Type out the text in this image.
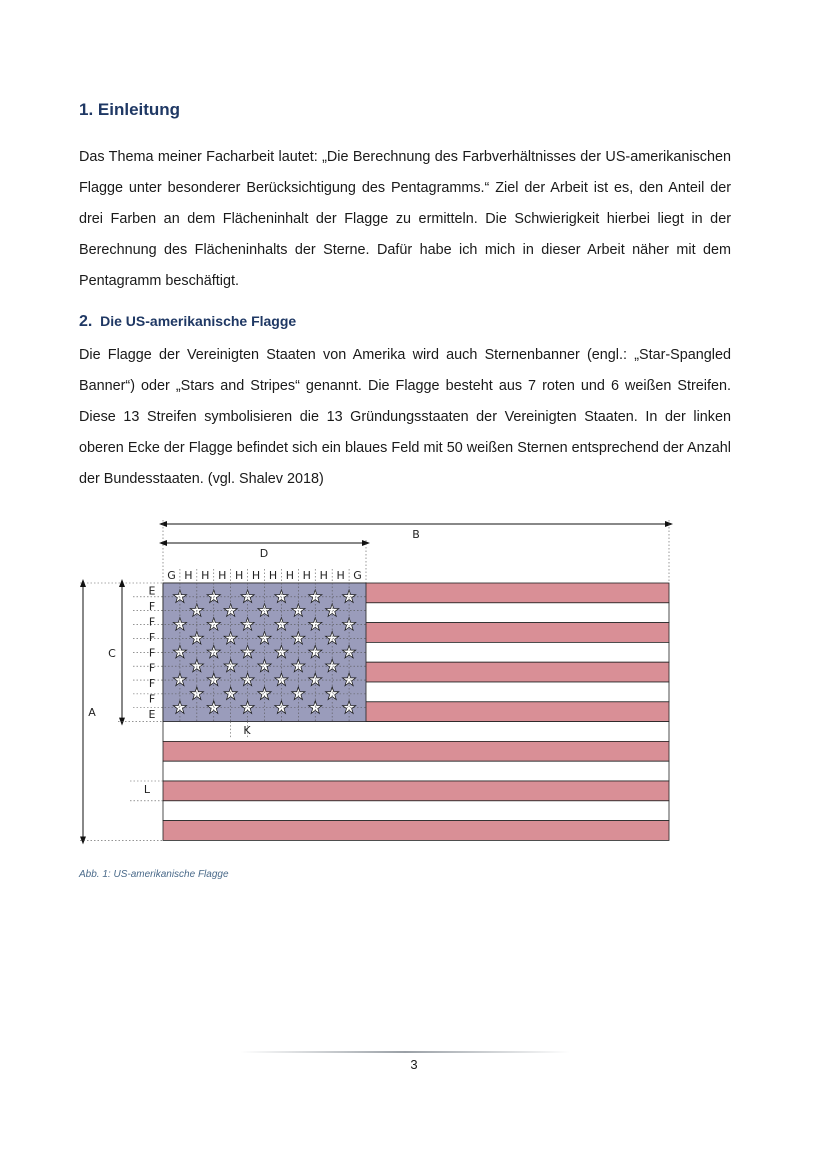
1. Einleitung

Das Thema meiner Facharbeit lautet: „Die Berechnung des Farbverhältnisses der US-amerikanischen Flagge unter besonderer Berücksichtigung des Pentagramms.“ Ziel der Arbeit ist es, den Anteil der drei Farben an dem Flächeninhalt der Flagge zu ermitteln. Die Schwierigkeit hierbei liegt in der Berechnung des Flächeninhalts der Sterne. Dafür habe ich mich in dieser Arbeit näher mit dem Pentagramm beschäftigt.

2. Die US-amerikanische Flagge

Die Flagge der Vereinigten Staaten von Amerika wird auch Sternenbanner (engl.: „Star-Spangled Banner“) oder „Stars and Stripes“ genannt. Die Flagge besteht aus 7 roten und 6 weißen Streifen. Diese 13 Streifen symbolisieren die 13 Gründungsstaaten der Vereinigten Staaten. In der linken oberen Ecke der Flagge befindet sich ein blaues Feld mit 50 weißen Sternen entsprechend der Anzahl der Bundesstaaten. (vgl. Shalev 2018)

A
B
C
D
K
L
G H H H H H H H H H H G
E
F
F
F
F
F
F
F
E

Abb. 1: US-amerikanische Flagge

3
